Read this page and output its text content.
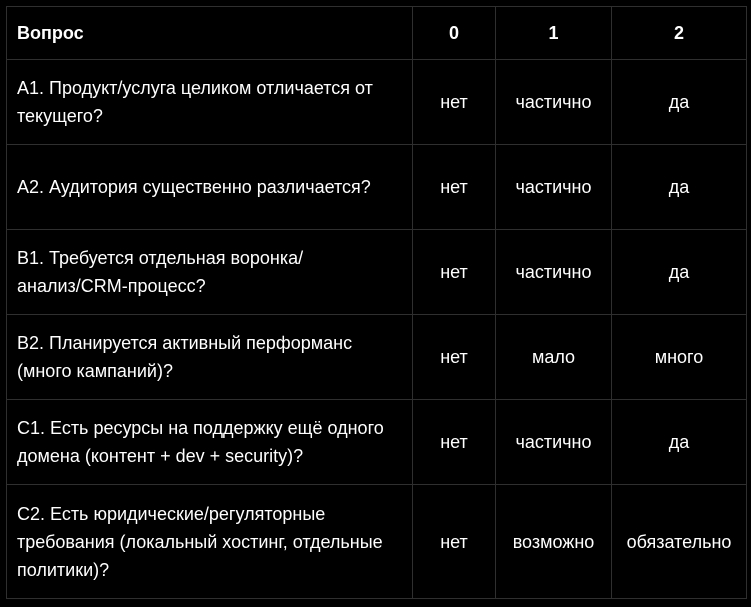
Вопрос	0	1	2
А1. Продукт/услуга целиком отличается от текущего?	нет	частично	да
А2. Аудитория существенно различается?	нет	частично	да
В1. Требуется отдельная воронка/ анализ/CRM-процесс?	нет	частично	да
В2. Планируется активный перформанс (много кампаний)?	нет	мало	много
С1. Есть ресурсы на поддержку ещё одного домена (контент + dev + security)?	нет	частично	да
С2. Есть юридические/регуляторные требования (локальный хостинг, отдельные политики)?	нет	возможно	обязательно
